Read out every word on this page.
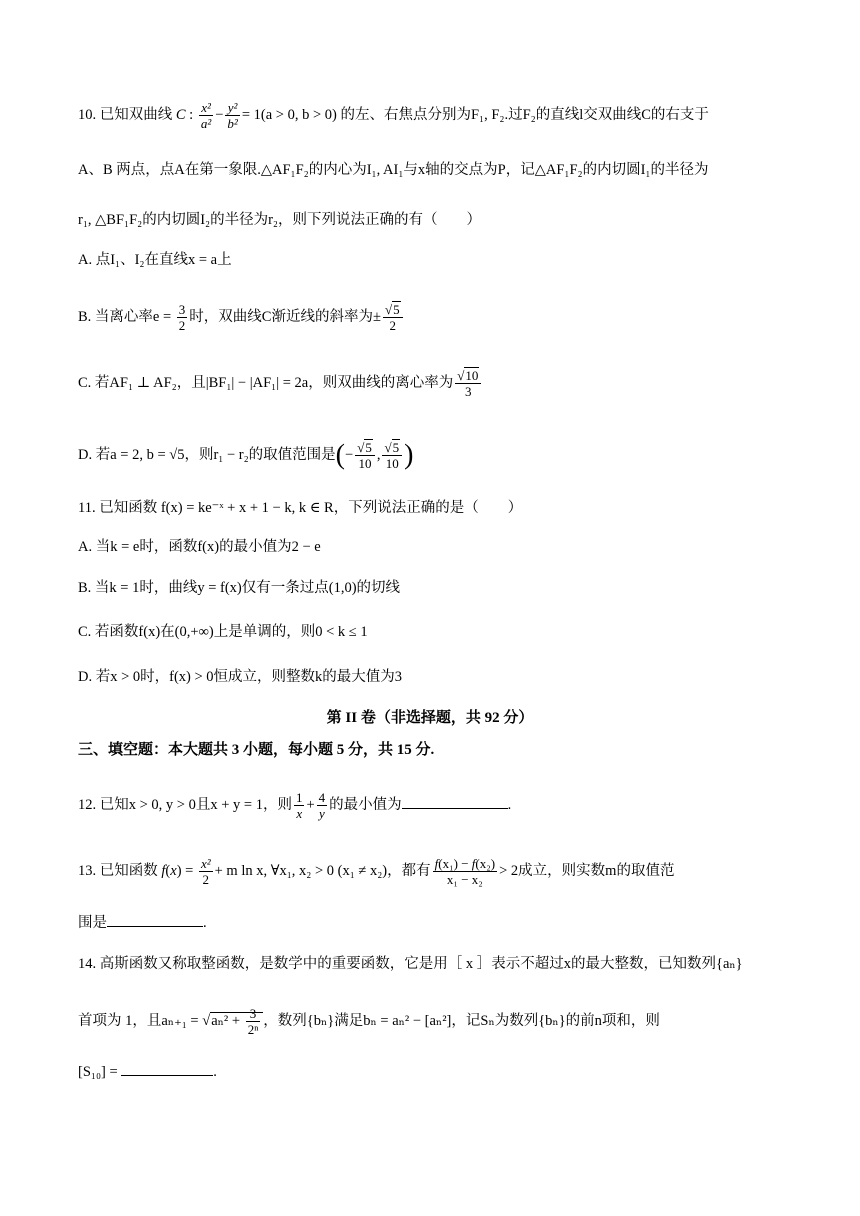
10. 已知双曲线 C : $\frac{\text{x²}}{\text{a²}} - \frac{\text{y²}}{\text{b²}} = 1(a > 0$, b > 0) 的左、右焦点分别为F₁, F₂.过F₂的直线l交双曲线C的右支于
A、B 两点，点A在第一象限.△AF₁F₂的内心为I₁, AI₁与x轴的交点为P，记△AF₁F₂的内切圆I₁的半径为
r₁, △BF₁F₂的内切圆I₂的半径为r₂，则下列说法正确的有（　　）
A. 点I₁、I₂在直线x = a上
B. 当离心率$e = \frac{3}{2}$ 时，双曲线C渐近线的斜率为± $\frac{√5}{2}$
C. 若AF₁ ⊥ AF₂，且|BF₁| − |AF₁| = 2a，则双曲线的离心率为 $\frac{√10}{3}$
D. 若a = 2, b = √5，则r₁ − r₂的取值范围是(− $\frac{√5}{10}$ , $\frac{√5}{10}$ )
11. 已知函数 f(x) = ke⁻ˣ + x + 1 − k, k ∈ R，下列说法正确的是（　　）
A. 当k = e时，函数f(x)的最小值为2 − e
B. 当k = 1时，曲线y = f(x)仅有一条过点(1,0)的切线
C. 若函数f(x)在(0,+∞)上是单调的，则0 < k ≤ 1
D. 若x > 0时，f(x) > 0恒成立，则整数k的最大值为3
第 II 卷（非选择题，共 92 分）
三、填空题：本大题共 3 小题，每小题 5 分，共 15 分.
12. 已知x > 0, y > 0且x + y = 1，则 $\frac{1}{x} + \frac{4}{y}$ 的最小值为	.
13. 已知函数 $f(x) = \frac{\text{x²}}{2} + m$ ln x, ∀x₁, x₂ > 0 (x₁ ≠ x₂)，都有 $\frac{\text{f(x₁) − f(x₂)}}{\text{x₁ − x₂}} > 2$成立，则实数m的取值范
围是	.
14. 高斯函数又称取整函数，是数学中的重要函数，它是用［ x ］表示不超过x的最大整数，已知数列{aₙ}
首项为 1，且$a_{n+1} = √a_n^2 + \frac{3}{\text{2ⁿ}}$ ，数列{bₙ}满足bₙ = aₙ² − [aₙ²]，记Sₙ为数列{bₙ}的前n项和，则
[S₁₀] =	.
